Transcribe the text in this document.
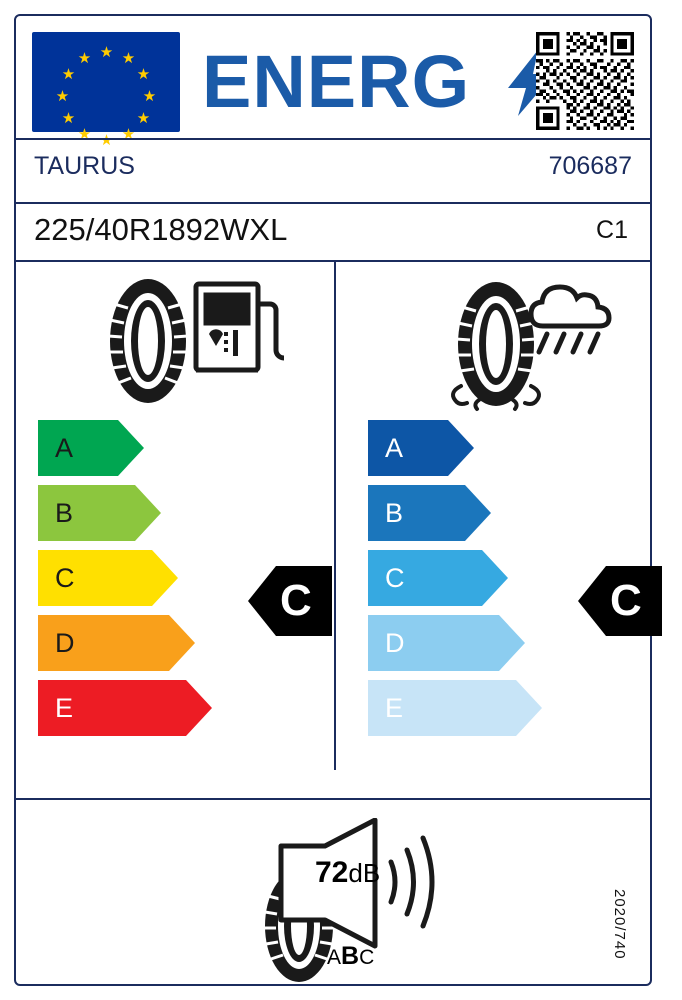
★ ★
★
★
★
★
★
★
★
★
★
★ ENERG
TAURUS	706687
225/40R1892WXL	C1
A
B
C
D
E
C
A
B
C
D
E
C
72dB
ABC	2020/740
